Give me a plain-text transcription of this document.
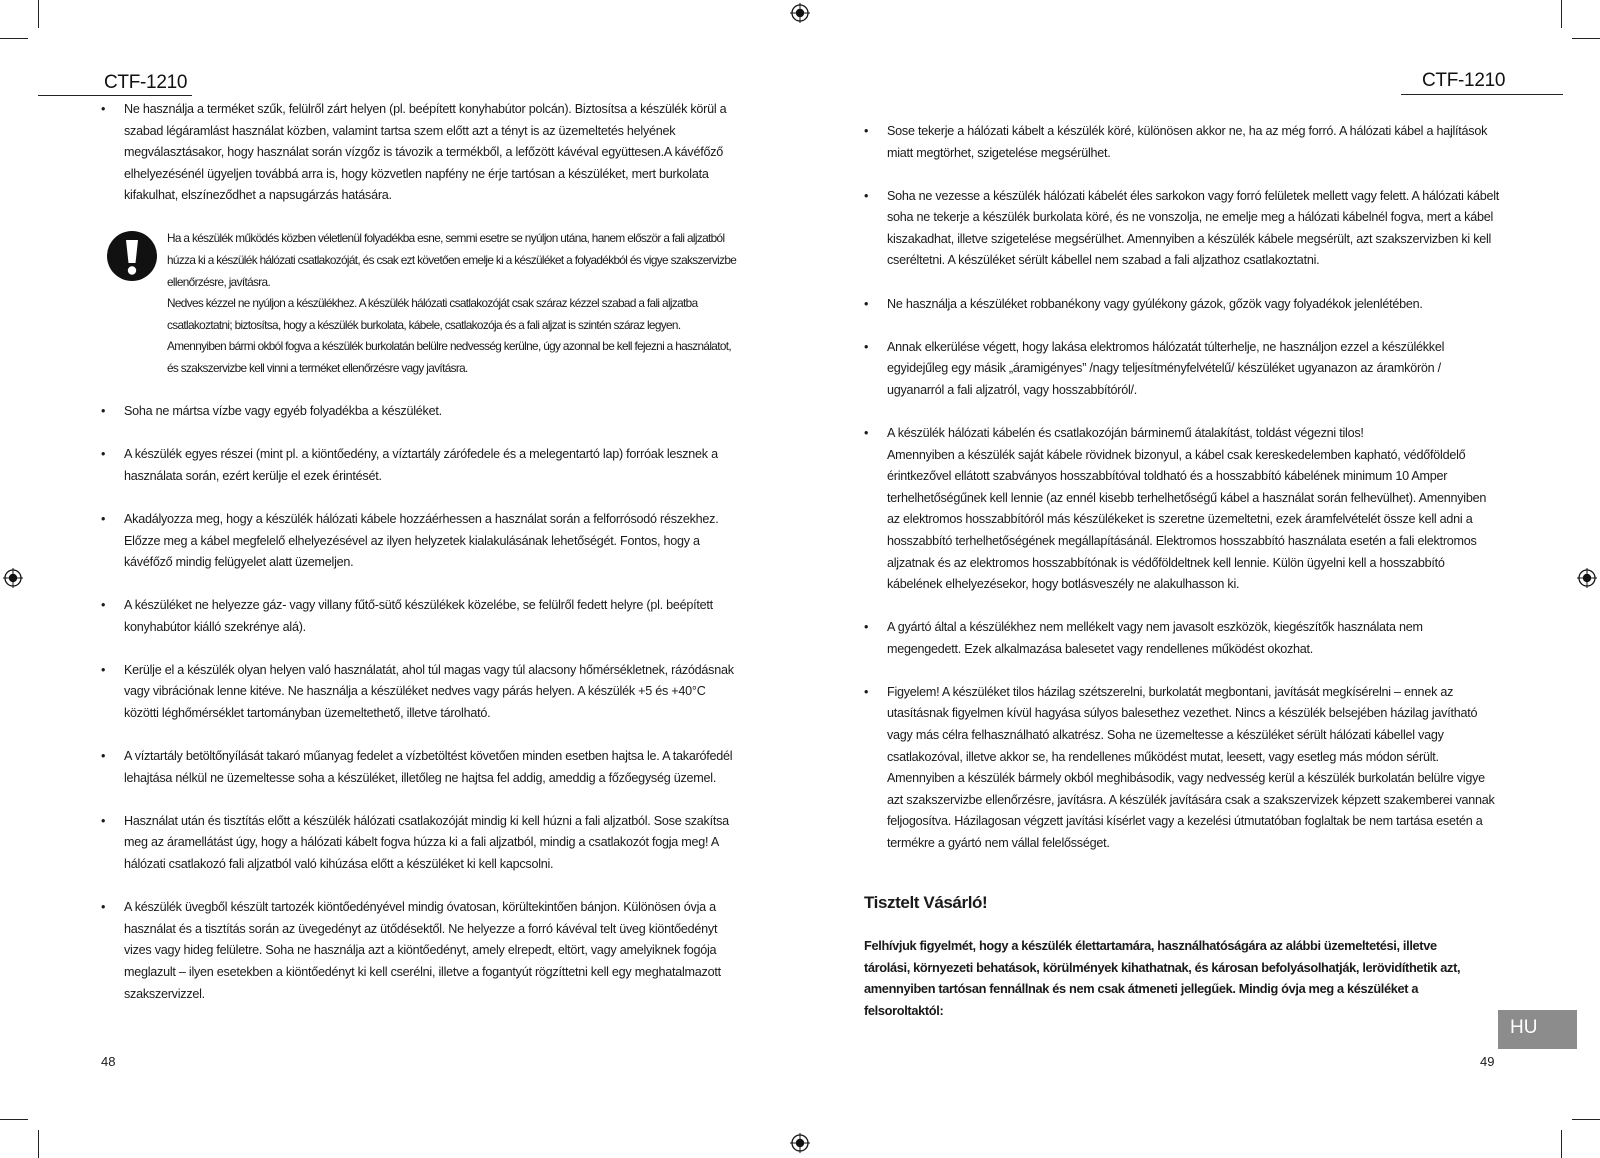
CTF-1210
• Ne használja a terméket szűk, felülről zárt helyen (pl. beépített konyhabútor polcán). Biztosítsa a készülék körül a szabad légáramlást használat közben, valamint tartsa szem előtt azt a tényt is az üzemeltetés helyének megválasztásakor, hogy használat során vízgőz is távozik a termékből, a lefőzött kávéval együttesen.A kávéfőző elhelyezésénél ügyeljen továbbá arra is, hogy közvetlen napfény ne érje tartósan a készüléket, mert burkolata kifakulhat, elszíneződhet a napsugárzás hatására.

Ha a készülék működés közben véletlenül folyadékba esne, semmi esetre se nyúljon utána, hanem először a fali aljzatból húzza ki a készülék hálózati csatlakozóját, és csak ezt követően emelje ki a készüléket a folyadékból és vigye szakszervizbe ellenőrzésre, javításra.

Nedves kézzel ne nyúljon a készülékhez. A készülék hálózati csatlakozóját csak száraz kézzel szabad a fali aljzatba csatlakoztatni; biztosítsa, hogy a készülék burkolata, kábele, csatlakozója és a fali aljzat is szintén száraz legyen. Amennyiben bármi okból fogva a készülék burkolatán belülre nedvesség kerülne, úgy azonnal be kell fejezni a használatot, és szakszervizbe kell vinni a terméket ellenőrzésre vagy javításra.

• Soha ne mártsa vízbe vagy egyéb folyadékba a készüléket.
• A készülék egyes részei (mint pl. a kiöntőedény, a víztartály zárófedele és a melegentartó lap) forróak lesznek a használata során, ezért kerülje el ezek érintését.
• Akadályozza meg, hogy a készülék hálózati kábele hozzáérhessen a használat során a felforrósodó részekhez. Előzze meg a kábel megfelelő elhelyezésével az ilyen helyzetek kialakulásának lehetőségét. Fontos, hogy a kávéfőző mindig felügyelet alatt üzemeljen.
• A készüléket ne helyezze gáz- vagy villany fűtő-sütő készülékek közelébe, se felülről fedett helyre (pl. beépített konyhabútor kiálló szekrénye alá).
• Kerülje el a készülék olyan helyen való használatát, ahol túl magas vagy túl alacsony hőmérsékletnek, rázódásnak vagy vibrációnak lenne kitéve. Ne használja a készüléket nedves vagy párás helyen. A készülék +5 és +40°C közötti léghőmérséklet tartományban üzemeltethető, illetve tárolható.
• A víztartály betöltőnyílását takaró műanyag fedelet a vízbetöltést követően minden esetben hajtsa le. A takarófedél lehajtása nélkül ne üzemeltesse soha a készüléket, illetőleg ne hajtsa fel addig, ameddig a főzőegység üzemel.
• Használat után és tisztítás előtt a készülék hálózati csatlakozóját mindig ki kell húzni a fali aljzatból. Sose szakítsa meg az áramellátást úgy, hogy a hálózati kábelt fogva húzza ki a fali aljzatból, mindig a csatlakozót fogja meg! A hálózati csatlakozó fali aljzatból való kihúzása előtt a készüléket ki kell kapcsolni.
• A készülék üvegből készült tartozék kiöntőedényével mindig óvatosan, körültekintően bánjon. Különösen óvja a használat és a tisztítás során az üvegedényt az ütődésektől. Ne helyezze a forró kávéval telt üveg kiöntőedényt vizes vagy hideg felületre. Soha ne használja azt a kiöntőedényt, amely elrepedt, eltört, vagy amelyiknek fogója meglazult – ilyen esetekben a kiöntőedényt ki kell cserélni, illetve a fogantyút rögzíttetni kell egy meghatalmazott szakszervizzel.
48
CTF-1210
• Sose tekerje a hálózati kábelt a készülék köré, különösen akkor ne, ha az még forró. A hálózati kábel a hajlítások miatt megtörhet, szigetelése megsérülhet.
• Soha ne vezesse a készülék hálózati kábelét éles sarkokon vagy forró felületek mellett vagy felett. A hálózati kábelt soha ne tekerje a készülék burkolata köré, és ne vonszolja, ne emelje meg a hálózati kábelnél fogva, mert a kábel kiszakadhat, illetve szigetelése megsérülhet. Amennyiben a készülék kábele megsérült, azt szakszervizben ki kell cseréltetni. A készüléket sérült kábellel nem szabad a fali aljzathoz csatlakoztatni.
• Ne használja a készüléket robbanékony vagy gyúlékony gázok, gőzök vagy folyadékok jelenlétében.
• Annak elkerülése végett, hogy lakása elektromos hálózatát túlterhelje, ne használjon ezzel a készülékkel egyidejűleg egy másik „áramigényes” /nagy teljesítményfelvételű/ készüléket ugyanazon az áramkörön / ugyanarról a fali aljzatról, vagy hosszabbítóról/.
• A készülék hálózati kábelén és csatlakozóján bárminemű átalakítást, toldást végezni tilos!
Amennyiben a készülék saját kábele rövidnek bizonyul, a kábel csak kereskedelemben kapható, védőföldelő érintkezővel ellátott szabványos hosszabbítóval toldható és a hosszabbító kábelének minimum 10 Amper terhelhetőségűnek kell lennie (az ennél kisebb terhelhetőségű kábel a használat során felhevülhet). Amennyiben az elektromos hosszabbítóról más készülékeket is szeretne üzemeltetni, ezek áramfelvételét össze kell adni a hosszabbító terhelhetőségének megállapításánál. Elektromos hosszabbító használata esetén a fali elektromos aljzatnak és az elektromos hosszabbítónak is védőföldeltnek kell lennie. Külön ügyelni kell a hosszabbító kábelének elhelyezésekor, hogy botlásveszély ne alakulhasson ki.
• A gyártó által a készülékhez nem mellékelt vagy nem javasolt eszközök, kiegészítők használata nem megengedett. Ezek alkalmazása balesetet vagy rendellenes működést okozhat.
• Figyelem! A készüléket tilos házilag szétszerelni, burkolatát megbontani, javítását megkísérelni – ennek az utasításnak figyelmen kívül hagyása súlyos balesethez vezethet. Nincs a készülék belsejében házilag javítható vagy más célra felhasználható alkatrész. Soha ne üzemeltesse a készüléket sérült hálózati kábellel vagy csatlakozóval, illetve akkor se, ha rendellenes működést mutat, leesett, vagy esetleg más módon sérült. Amennyiben a készülék bármely okból meghibásodik, vagy nedvesség kerül a készülék burkolatán belülre vigye azt szakszervizbe ellenőrzésre, javításra. A készülék javítására csak a szakszervizek képzett szakemberei vannak feljogosítva. Házilagosan végzett javítási kísérlet vagy a kezelési útmutatóban foglaltak be nem tartása esetén a termékre a gyártó nem vállal felelősséget.
Tisztelt Vásárló!
Felhívjuk figyelmét, hogy a készülék élettartamára, használhatóságára az alábbi üzemeltetési, illetve tárolási, környezeti behatások, körülmények kihathatnak, és károsan befolyásolhatják, lerövidíthetik azt, amennyiben tartósan fennállnak és nem csak átmeneti jellegűek. Mindig óvja meg a készüléket a felsoroltaktól:
HU
49
